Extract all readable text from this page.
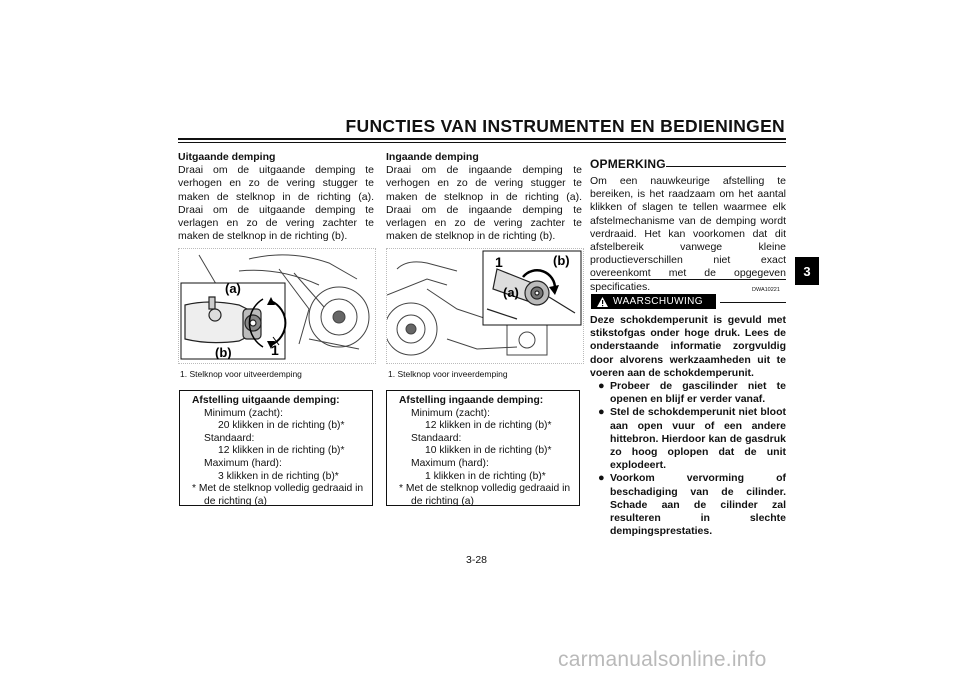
FUNCTIES VAN INSTRUMENTEN EN BEDIENINGEN
3
Uitgaande demping
Draai om de uitgaande demping te verhogen en zo de vering stugger te maken de stelknop in de richting (a). Draai om de uitgaande demping te verlagen en zo de vering zachter te maken de stelknop in de richting (b).
(a)
(b)	1
1. Stelknop voor uitveerdemping
Afstelling uitgaande demping:
Minimum (zacht):
20 klikken in de richting (b)*
Standaard:
12 klikken in de richting (b)*
Maximum (hard):
3 klikken in de richting (b)*
* Met de stelknop volledig gedraaid in
de richting (a)
Ingaande demping
Draai om de ingaande demping te verhogen en zo de vering stugger te maken de stelknop in de richting (a). Draai om de ingaande demping te verlagen en zo de vering zachter te maken de stelknop in de richting (b).
1	(b)
(a)
1. Stelknop voor inveerdemping
Afstelling ingaande demping:
Minimum (zacht):
12 klikken in de richting (b)*
Standaard:
10 klikken in de richting (b)*
Maximum (hard):
1 klikken in de richting (b)*
* Met de stelknop volledig gedraaid in
de richting (a)
OPMERKING
Om een nauwkeurige afstelling te bereiken, is het raadzaam om het aantal klikken of slagen te tellen waarmee elk afstelmechanisme van de demping wordt verdraaid. Het kan voorkomen dat dit afstelbereik vanwege kleine productieverschillen niet exact overeenkomt met de opgegeven specificaties.	DWA10221
WAARSCHUWING
Deze schokdemperunit is gevuld met stikstofgas onder hoge druk. Lees de onderstaande informatie zorgvuldig door alvorens werkzaamheden uit te voeren aan de schokdemperunit.
● Probeer de gascilinder niet te openen en blijf er verder vanaf.
● Stel de schokdemperunit niet bloot aan open vuur of een andere hittebron. Hierdoor kan de gasdruk zo hoog oplopen dat de unit explodeert.
● Voorkom vervorming of beschadiging van de cilinder. Schade aan de cilinder zal resulteren in slechte dempingsprestaties.
3-28
carmanualsonline.info
